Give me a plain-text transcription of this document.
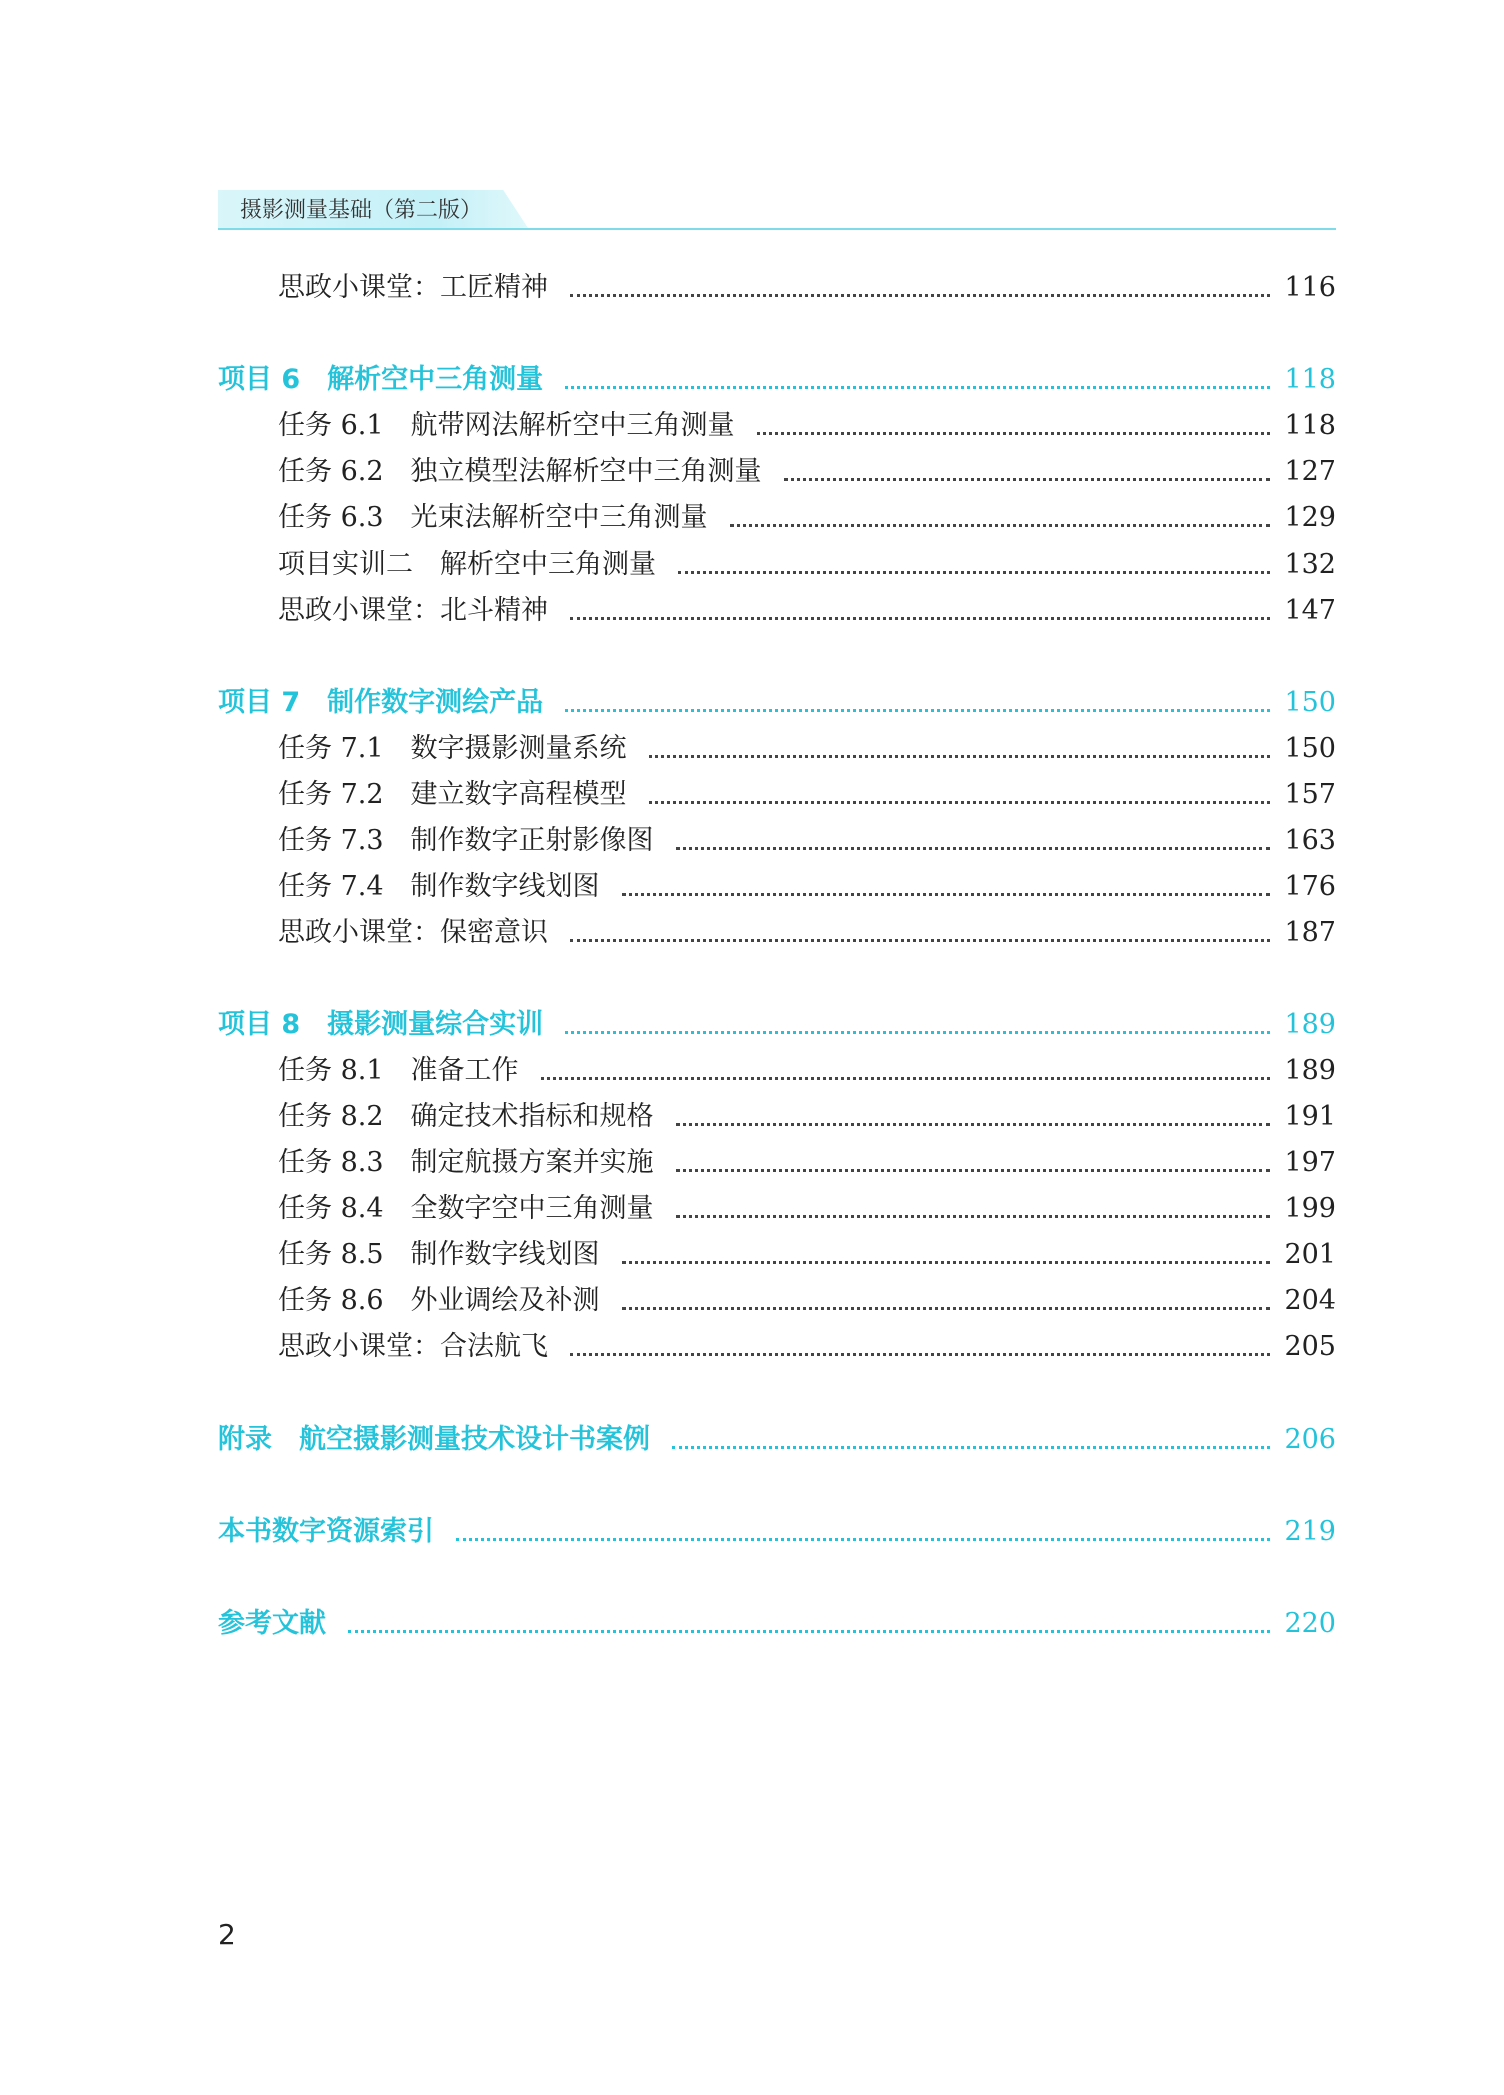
摄影测量基础（第二版）
思政小课堂：工匠精神	116
项目 6　解析空中三角测量	118
任务 6.1　航带网法解析空中三角测量	118
任务 6.2　独立模型法解析空中三角测量	127
任务 6.3　光束法解析空中三角测量	129
项目实训二　解析空中三角测量	132
思政小课堂：北斗精神	147
项目 7　制作数字测绘产品	150
任务 7.1　数字摄影测量系统	150
任务 7.2　建立数字高程模型	157
任务 7.3　制作数字正射影像图	163
任务 7.4　制作数字线划图	176
思政小课堂：保密意识	187
项目 8　摄影测量综合实训	189
任务 8.1　准备工作	189
任务 8.2　确定技术指标和规格	191
任务 8.3　制定航摄方案并实施	197
任务 8.4　全数字空中三角测量	199
任务 8.5　制作数字线划图	201
任务 8.6　外业调绘及补测	204
思政小课堂：合法航飞	205
附录　航空摄影测量技术设计书案例	206
本书数字资源索引	219
参考文献	220
2
